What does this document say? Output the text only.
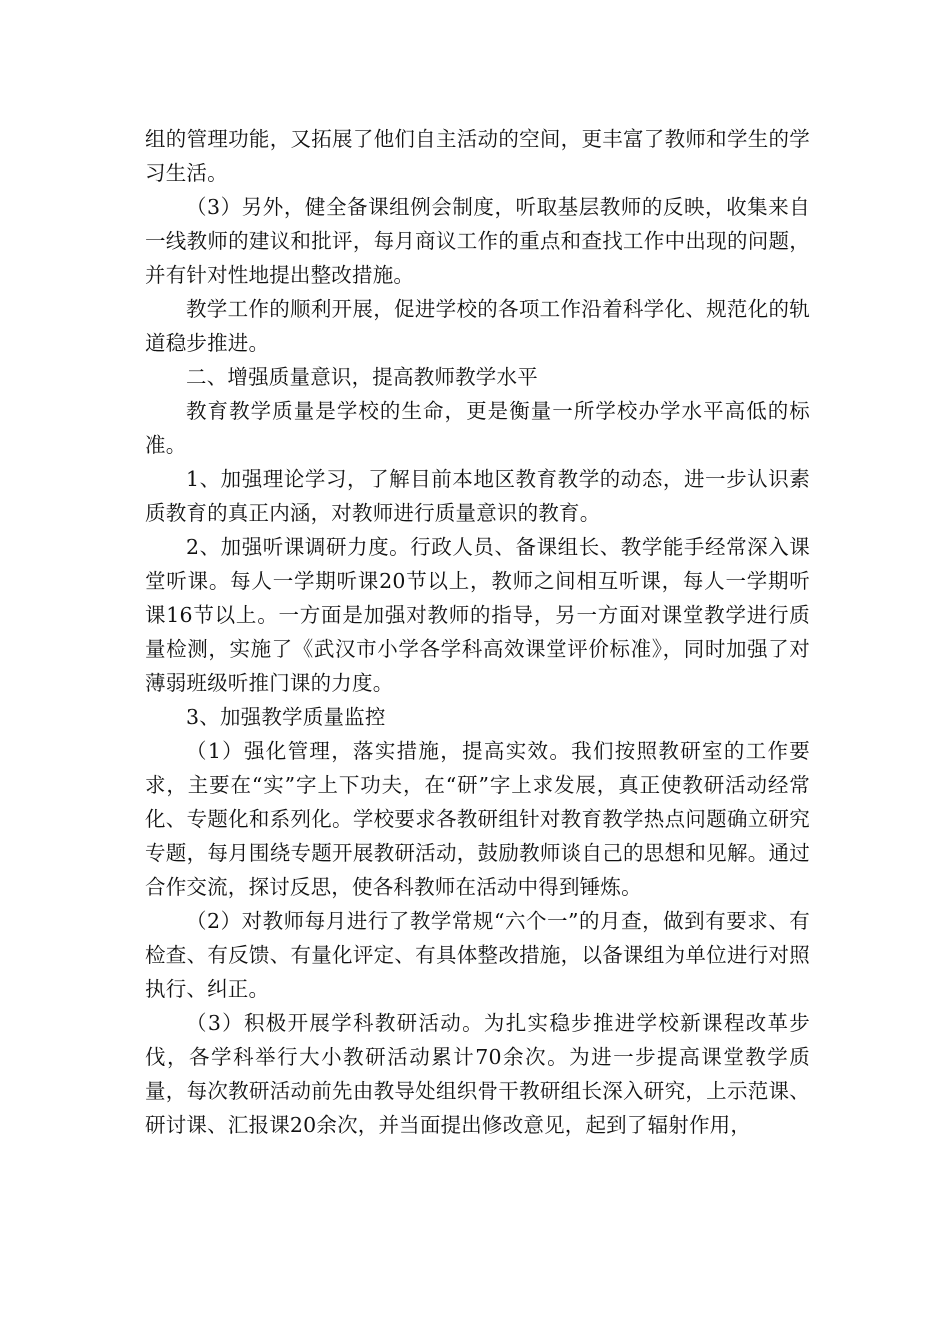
组的管理功能，又拓展了他们自主活动的空间，更丰富了教师和学生的学习生活。

（3）另外，健全备课组例会制度，听取基层教师的反映，收集来自一线教师的建议和批评，每月商议工作的重点和查找工作中出现的问题，并有针对性地提出整改措施。

教学工作的顺利开展，促进学校的各项工作沿着科学化、规范化的轨道稳步推进。

二、增强质量意识，提高教师教学水平

教育教学质量是学校的生命，更是衡量一所学校办学水平高低的标准。

1、加强理论学习，了解目前本地区教育教学的动态，进一步认识素质教育的真正内涵，对教师进行质量意识的教育。

2、加强听课调研力度。行政人员、备课组长、教学能手经常深入课堂听课。每人一学期听课20节以上，教师之间相互听课，每人一学期听课16节以上。一方面是加强对教师的指导，另一方面对课堂教学进行质量检测，实施了《武汉市小学各学科高效课堂评价标准》，同时加强了对薄弱班级听推门课的力度。

3、加强教学质量监控

（1）强化管理，落实措施，提高实效。我们按照教研室的工作要求，主要在“实”字上下功夫，在“研”字上求发展，真正使教研活动经常化、专题化和系列化。学校要求各教研组针对教育教学热点问题确立研究专题，每月围绕专题开展教研活动，鼓励教师谈自己的思想和见解。通过合作交流，探讨反思，使各科教师在活动中得到锤炼。

（2）对教师每月进行了教学常规“六个一”的月查，做到有要求、有检查、有反馈、有量化评定、有具体整改措施，以备课组为单位进行对照执行、纠正。

（3）积极开展学科教研活动。为扎实稳步推进学校新课程改革步伐，各学科举行大小教研活动累计70余次。为进一步提高课堂教学质量，每次教研活动前先由教导处组织骨干教研组长深入研究，上示范课、研讨课、汇报课20余次，并当面提出修改意见，起到了辐射作用，
